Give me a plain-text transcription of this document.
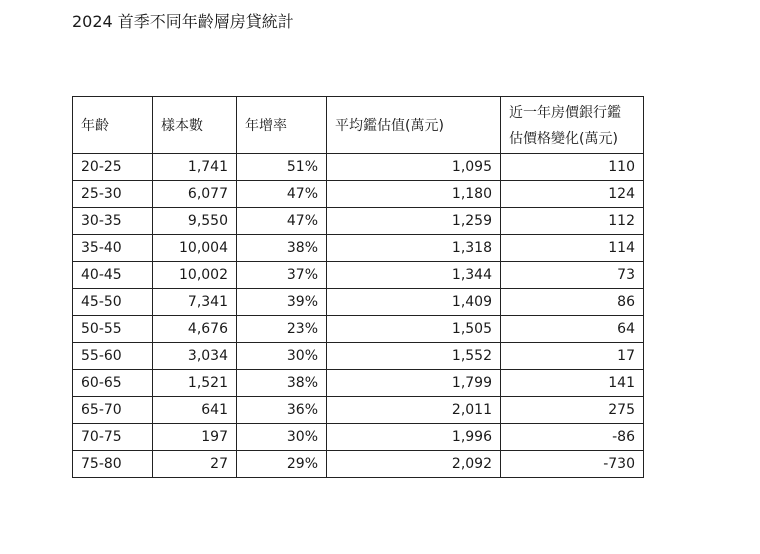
2024 首季不同年齡層房貸統計
年齡	樣本數	年增率	平均鑑估值(萬元)	近一年房價銀行鑑
估價格變化(萬元)

20-25	1,741	51%	1,095	110
25-30	6,077	47%	1,180	124
30-35	9,550	47%	1,259	112
35-40	10,004	38%	1,318	114
40-45	10,002	37%	1,344	73
45-50	7,341	39%	1,409	86
50-55	4,676	23%	1,505	64
55-60	3,034	30%	1,552	17
60-65	1,521	38%	1,799	141
65-70	641	36%	2,011	275
70-75	197	30%	1,996	-86
75-80	27	29%	2,092	-730
